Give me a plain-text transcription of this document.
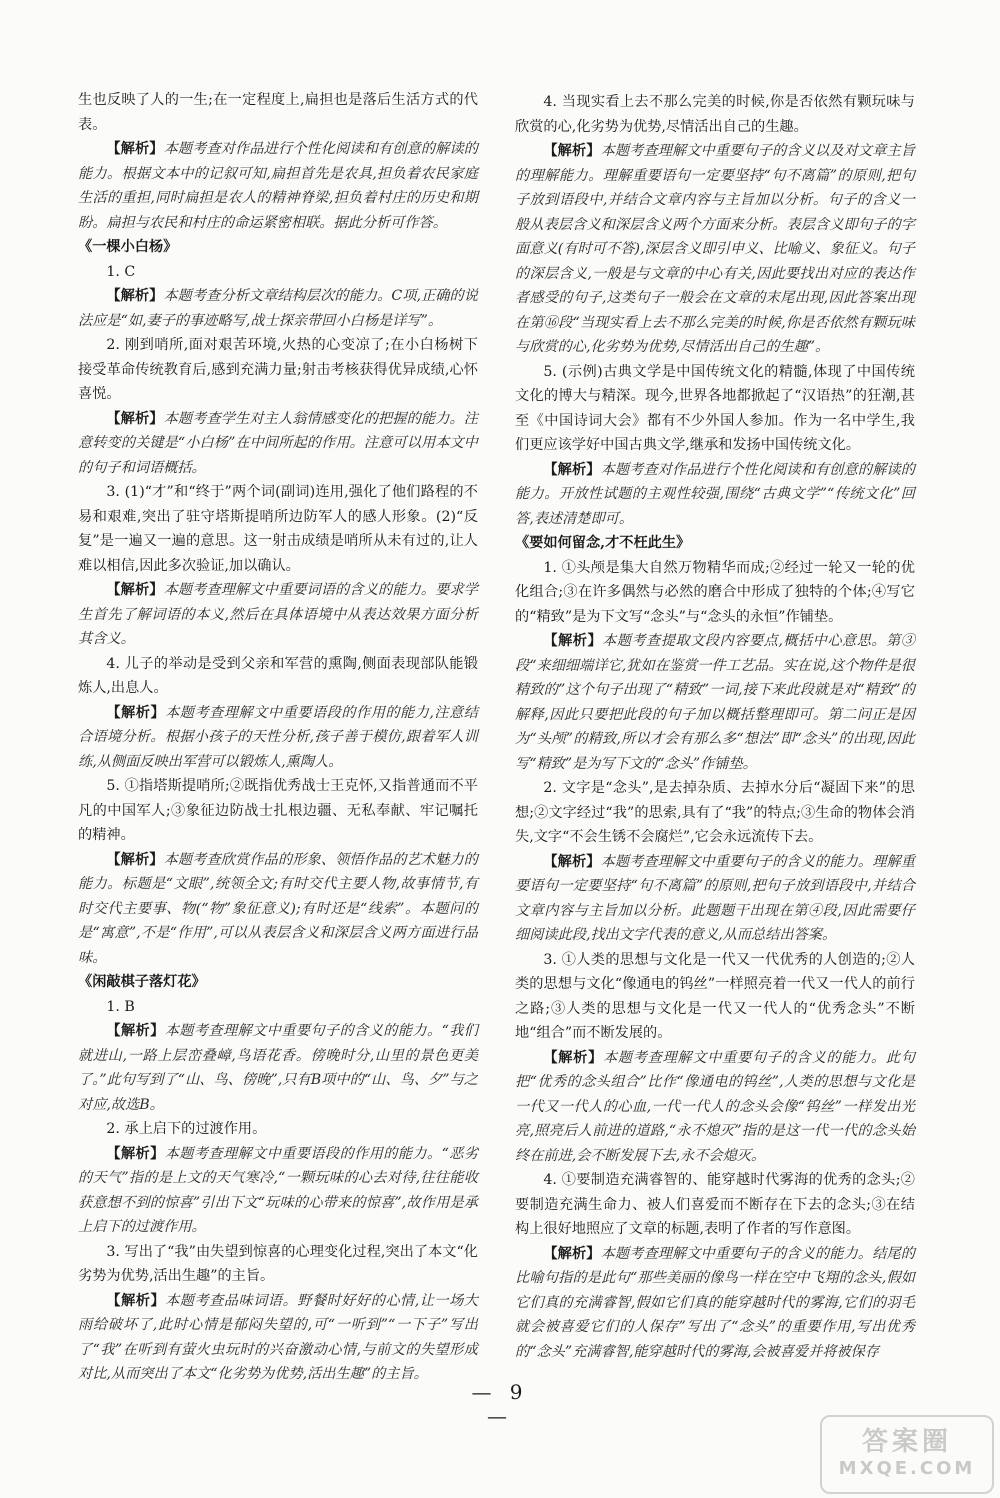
生也反映了人的一生;在一定程度上,扁担也是落后生活方式的代表。

【解析】本题考查对作品进行个性化阅读和有创意的解读的能力。根据文本中的记叙可知,扁担首先是农具,担负着农民家庭生活的重担,同时扁担是农人的精神脊梁,担负着村庄的历史和期盼。扁担与农民和村庄的命运紧密相联。据此分析可作答。

《一棵小白杨》

1. C

【解析】本题考查分析文章结构层次的能力。C项,正确的说法应是“如,妻子的事迹略写,战士探亲带回小白杨是详写”。

2. 刚到哨所,面对艰苦环境,火热的心变凉了;在小白杨树下接受革命传统教育后,感到充满力量;射击考核获得优异成绩,心怀喜悦。

【解析】本题考查学生对主人翁情感变化的把握的能力。注意转变的关键是“小白杨”在中间所起的作用。注意可以用本文中的句子和词语概括。

3. (1)“才”和“终于”两个词(副词)连用,强化了他们路程的不易和艰难,突出了驻守塔斯提哨所边防军人的感人形象。(2)“反复”是一遍又一遍的意思。这一射击成绩是哨所从未有过的,让人难以相信,因此多次验证,加以确认。

【解析】本题考查理解文中重要词语的含义的能力。要求学生首先了解词语的本义,然后在具体语境中从表达效果方面分析其含义。

4. 儿子的举动是受到父亲和军营的熏陶,侧面表现部队能锻炼人,出息人。

【解析】本题考查理解文中重要语段的作用的能力,注意结合语境分析。根据小孩子的天性分析,孩子善于模仿,跟着军人训练,从侧面反映出军营可以锻炼人,熏陶人。

5. ①指塔斯提哨所;②既指优秀战士王克怀,又指普通而不平凡的中国军人;③象征边防战士扎根边疆、无私奉献、牢记嘱托的精神。

【解析】本题考查欣赏作品的形象、领悟作品的艺术魅力的能力。标题是“文眼”,统领全文;有时交代主要人物,故事情节,有时交代主要事、物(“物”象征意义);有时还是“线索”。本题问的是“寓意”,不是“作用”,可以从表层含义和深层含义两方面进行品味。

《闲敲棋子落灯花》

1. B

【解析】本题考查理解文中重要句子的含义的能力。“我们就进山,一路上层峦叠嶂,鸟语花香。傍晚时分,山里的景色更美了。”此句写到了“山、鸟、傍晚”,只有B项中的“山、鸟、夕”与之对应,故选B。

2. 承上启下的过渡作用。

【解析】本题考查理解文中重要语段的作用的能力。“恶劣的天气”指的是上文的天气寒冷,“一颗玩味的心去对待,往往能收获意想不到的惊喜”引出下文“玩味的心带来的惊喜”,故作用是承上启下的过渡作用。

3. 写出了“我”由失望到惊喜的心理变化过程,突出了本文“化劣势为优势,活出生趣”的主旨。

【解析】本题考查品味词语。野餐时好好的心情,让一场大雨给破坏了,此时心情是郁闷失望的,可“一听到”“一下子”写出了“我”在听到有萤火虫玩时的兴奋激动心情,与前文的失望形成对比,从而突出了本文“化劣势为优势,活出生趣”的主旨。

4. 当现实看上去不那么完美的时候,你是否依然有颗玩味与欣赏的心,化劣势为优势,尽情活出自己的生趣。

【解析】本题考查理解文中重要句子的含义以及对文章主旨的理解能力。理解重要语句一定要坚持“句不离篇”的原则,把句子放到语段中,并结合文章内容与主旨加以分析。句子的含义一般从表层含义和深层含义两个方面来分析。表层含义即句子的字面意义(有时可不答),深层含义即引申义、比喻义、象征义。句子的深层含义,一般是与文章的中心有关,因此要找出对应的表达作者感受的句子,这类句子一般会在文章的末尾出现,因此答案出现在第⑯段“当现实看上去不那么完美的时候,你是否依然有颗玩味与欣赏的心,化劣势为优势,尽情活出自己的生趣”。

5. (示例)古典文学是中国传统文化的精髓,体现了中国传统文化的博大与精深。现今,世界各地都掀起了“汉语热”的狂潮,甚至《中国诗词大会》都有不少外国人参加。作为一名中学生,我们更应该学好中国古典文学,继承和发扬中国传统文化。

【解析】本题考查对作品进行个性化阅读和有创意的解读的能力。开放性试题的主观性较强,围绕“古典文学”“传统文化”回答,表述清楚即可。

《要如何留念,才不枉此生》

1. ①头颅是集大自然万物精华而成;②经过一轮又一轮的优化组合;③在许多偶然与必然的磨合中形成了独特的个体;④写它的“精致”是为下文写“念头”与“念头的永恒”作铺垫。

【解析】本题考查提取文段内容要点,概括中心意思。第③段“来细细端详它,犹如在鉴赏一件工艺品。实在说,这个物件是很精致的”这个句子出现了“精致”一词,接下来此段就是对“精致”的解释,因此只要把此段的句子加以概括整理即可。第二问正是因为“头颅”的精致,所以才会有那么多“想法”即“念头”的出现,因此写“精致”是为写下文的“念头”作铺垫。

2. 文字是“念头”,是去掉杂质、去掉水分后“凝固下来”的思想;②文字经过“我”的思索,具有了“我”的特点;③生命的物体会消失,文字“不会生锈不会腐烂”,它会永远流传下去。

【解析】本题考查理解文中重要句子的含义的能力。理解重要语句一定要坚持“句不离篇”的原则,把句子放到语段中,并结合文章内容与主旨加以分析。此题题干出现在第④段,因此需要仔细阅读此段,找出文字代表的意义,从而总结出答案。

3. ①人类的思想与文化是一代又一代优秀的人创造的;②人类的思想与文化“像通电的钨丝”一样照亮着一代又一代人的前行之路;③人类的思想与文化是一代又一代人的“优秀念头”不断地“组合”而不断发展的。

【解析】本题考查理解文中重要句子的含义的能力。此句把“优秀的念头组合”比作“像通电的钨丝”,人类的思想与文化是一代又一代人的心血,一代一代人的念头会像“钨丝”一样发出光亮,照亮后人前进的道路,“永不熄灭”指的是这一代一代的念头始终在前进,会不断发展下去,永不会熄灭。

4. ①要制造充满睿智的、能穿越时代雾海的优秀的念头;②要制造充满生命力、被人们喜爱而不断存在下去的念头;③在结构上很好地照应了文章的标题,表明了作者的写作意图。

【解析】本题考查理解文中重要句子的含义的能力。结尾的比喻句指的是此句“那些美丽的像鸟一样在空中飞翔的念头,假如它们真的充满睿智,假如它们真的能穿越时代的雾海,它们的羽毛就会被喜爱它们的人保存”写出了“念头”的重要作用,写出优秀的“念头”充满睿智,能穿越时代的雾海,会被喜爱并将被保存

— 9 —
答案圈
MXQE.COM
